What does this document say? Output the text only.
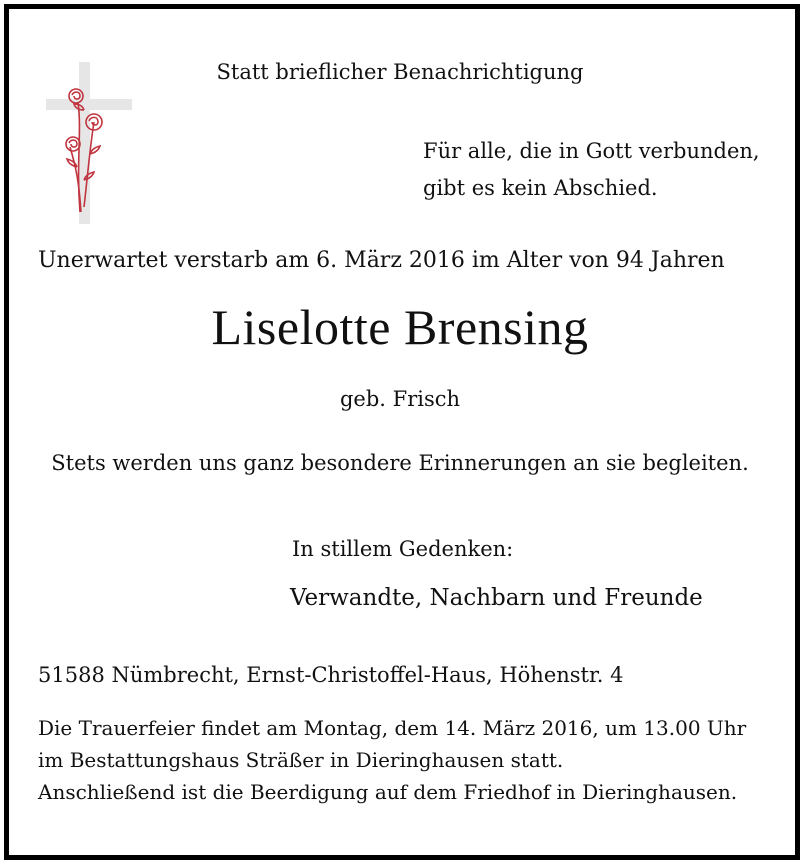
Statt brieflicher Benachrichtigung

Für alle, die in Gott verbunden,
gibt es kein Abschied.

Unerwartet verstarb am 6. März 2016 im Alter von 94 Jahren

Liselotte Brensing

geb. Frisch

Stets werden uns ganz besondere Erinnerungen an sie begleiten.

In stillem Gedenken:

Verwandte, Nachbarn und Freunde

51588 Nümbrecht, Ernst-Christoffel-Haus, Höhenstr. 4

Die Trauerfeier findet am Montag, dem 14. März 2016, um 13.00 Uhr
im Bestattungshaus Sträßer in Dieringhausen statt.
Anschließend ist die Beerdigung auf dem Friedhof in Dieringhausen.
